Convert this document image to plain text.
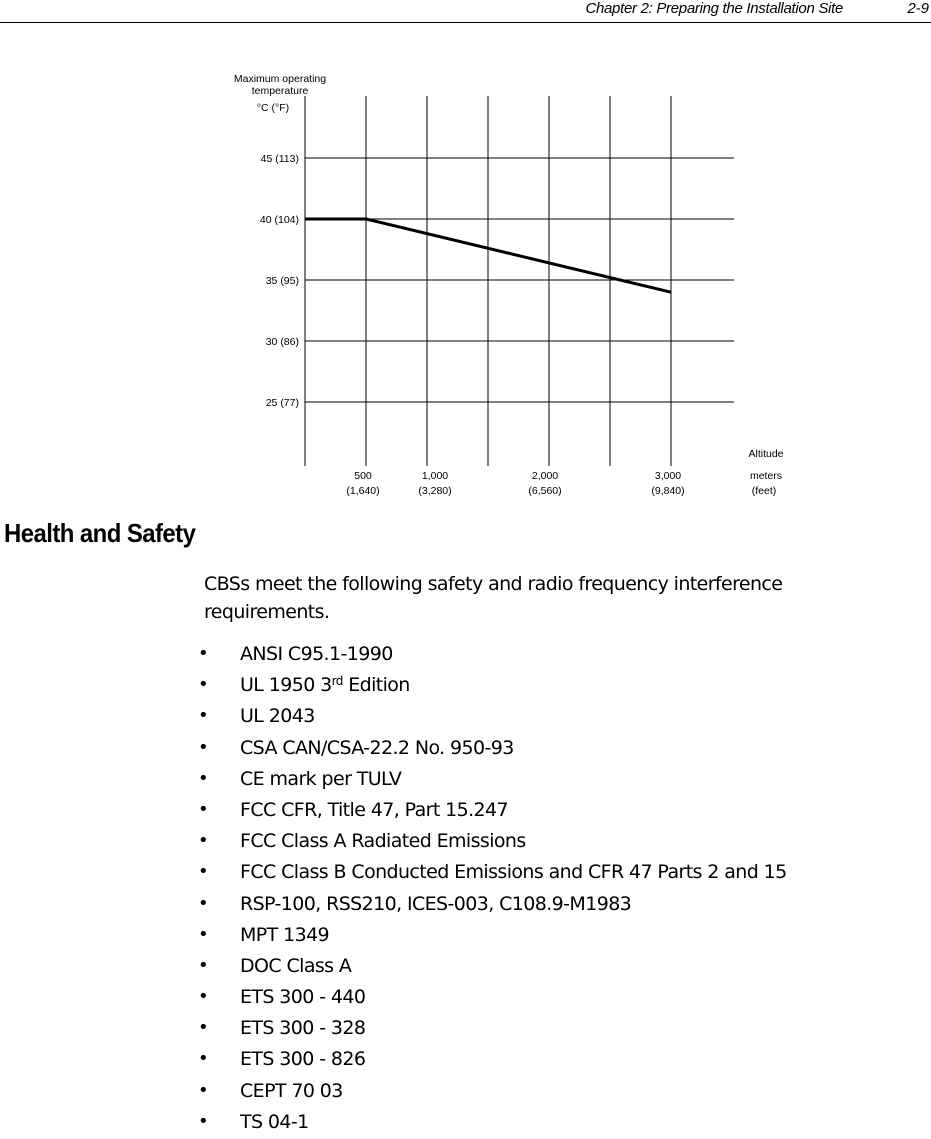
Chapter 2: Preparing the Installation Site	2-9
45 (113)
40 (104)
35 (95)
30 (86)
25 (77)
500
(1,640)
1,000
(3,280)
2,000
(6,560)
3,000
(9,840)
Maximum operating
temperature
°C (°F)
Altitude
meters
(feet)
Health and Safety

CBSs meet the following safety and radio frequency interference requirements.

• ANSI C95.1-1990
• UL 1950 3rd Edition
• UL 2043
• CSA CAN/CSA-22.2 No. 950-93
• CE mark per TULV
• FCC CFR, Title 47, Part 15.247
• FCC Class A Radiated Emissions
• FCC Class B Conducted Emissions and CFR 47 Parts 2 and 15
• RSP-100, RSS210, ICES-003, C108.9-M1983
• MPT 1349
• DOC Class A
• ETS 300 - 440
• ETS 300 - 328
• ETS 300 - 826
• CEPT 70 03
• TS 04-1
